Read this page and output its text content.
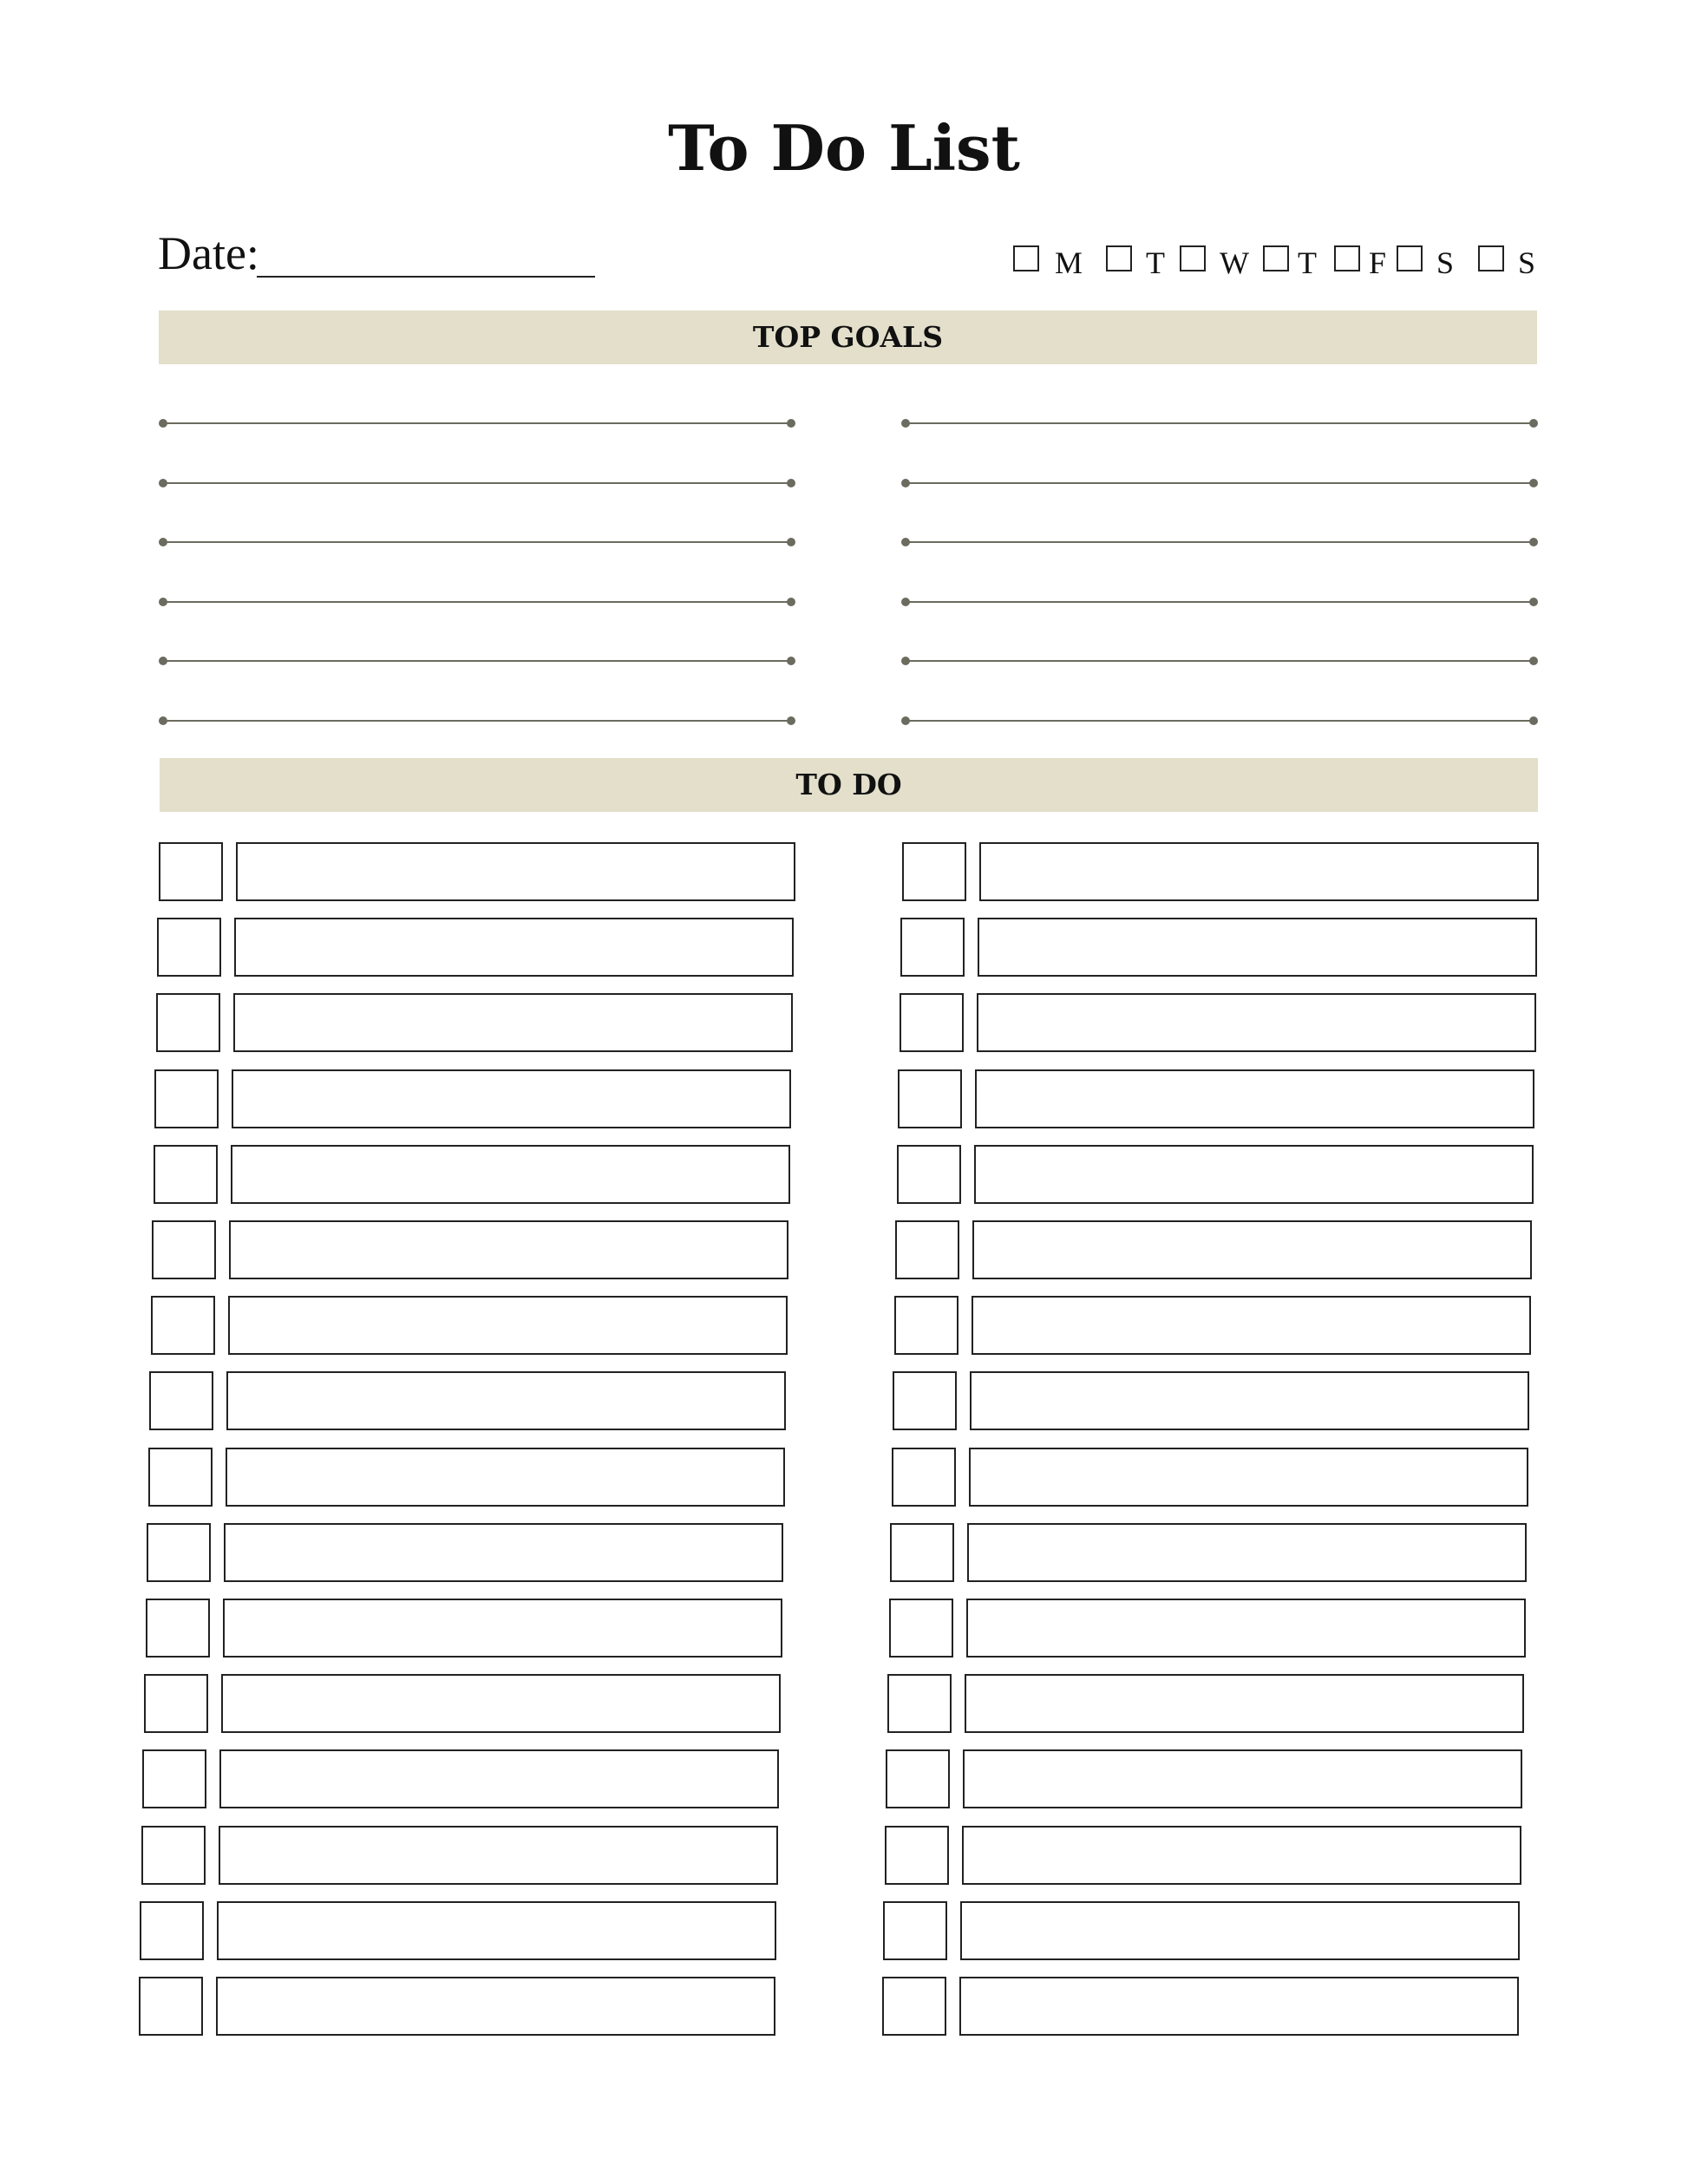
To Do List
Date:	M T W T F S S
TOP GOALS
TO DO
